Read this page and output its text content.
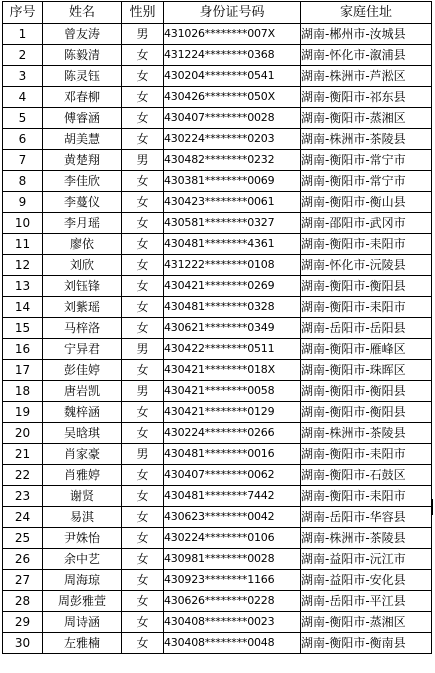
序号	姓名	性别	身份证号码	家庭住址
1	曾友涛	男	431026********007X	湖南-郴州市-汝城县
2	陈毅清	女	431224********0368	湖南-怀化市-溆浦县
3	陈灵钰	女	430204********0541	湖南-株洲市-芦淞区
4	邓春柳	女	430426********050X	湖南-衡阳市-祁东县
5	傅睿涵	女	430407********0028	湖南-衡阳市-蒸湘区
6	胡美慧	女	430224********0203	湖南-株洲市-茶陵县
7	黄楚翔	男	430482********0232	湖南-衡阳市-常宁市
8	李佳欣	女	430381********0069	湖南-衡阳市-常宁市
9	李蔓仪	女	430423********0061	湖南-衡阳市-衡山县
10	李月瑶	女	430581********0327	湖南-邵阳市-武冈市
11	廖依	女	430481********4361	湖南-衡阳市-耒阳市
12	刘欣	女	431222********0108	湖南-怀化市-沅陵县
13	刘钰锋	女	430421********0269	湖南-衡阳市-衡阳县
14	刘紫瑶	女	430481********0328	湖南-衡阳市-耒阳市
15	马梓洛	女	430621********0349	湖南-岳阳市-岳阳县
16	宁异君	男	430422********0511	湖南-衡阳市-雁峰区
17	彭佳婷	女	430421********018X	湖南-衡阳市-珠晖区
18	唐岩凯	男	430421********0058	湖南-衡阳市-衡阳县
19	魏梓涵	女	430421********0129	湖南-衡阳市-衡阳县
20	吴晗琪	女	430224********0266	湖南-株洲市-茶陵县
21	肖家豪	男	430481********0016	湖南-衡阳市-耒阳市
22	肖雅婷	女	430407********0062	湖南-衡阳市-石鼓区
23	谢贤	女	430481********7442	湖南-衡阳市-耒阳市
24	易淇	女	430623********0042	湖南-岳阳市-华容县
25	尹姝怡	女	430224********0106	湖南-株洲市-茶陵县
26	余中艺	女	430981********0028	湖南-益阳市-沅江市
27	周海琼	女	430923********1166	湖南-益阳市-安化县
28	周彭雅萱	女	430626********0228	湖南-岳阳市-平江县
29	周诗涵	女	430408********0023	湖南-衡阳市-蒸湘区
30	左雅楠	女	430408********0048	湖南-衡阳市-衡南县
